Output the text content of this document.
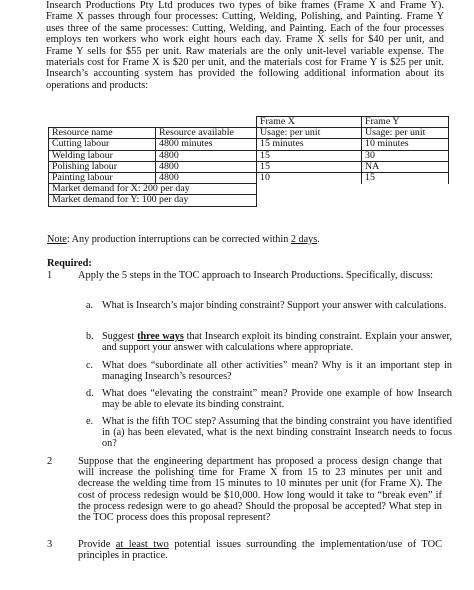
Insearch Productions Pty Ltd produces two types of bike frames (Frame X and Frame Y). Frame X passes through four processes: Cutting, Welding, Polishing, and Painting. Frame Y uses three of the same processes: Cutting, Welding, and Painting. Each of the four processes employs ten workers who work eight hours each day. Frame X sells for $40 per unit, and Frame Y sells for $55 per unit. Raw materials are the only unit-level variable expense. The materials cost for Frame X is $20 per unit, and the materials cost for Frame Y is $25 per unit. Insearch’s accounting system has provided the following additional information about its operations and products:

		Frame X	Frame Y
Resource name	Resource available	Usage: per unit	Usage: per unit
Cutting labour	4800 minutes	15 minutes	10 minutes
Welding labour	4800	15	30
Polishing labour	4800	15	NA
Painting labour	4800	10	15
Market demand for X: 200 per day			
Market demand for Y: 100 per day			
Note: Any production interruptions can be corrected within 2 days.
Required:
1 Apply the 5 steps in the TOC approach to Insearch Productions. Specifically, discuss:

a. What is Insearch’s major binding constraint? Support your answer with calculations.
b. Suggest three ways that Insearch exploit its binding constraint. Explain your answer, and support your answer with calculations where appropriate.
c. What does “subordinate all other activities” mean? Why is it an important step in managing Insearch’s resources?
d. What does “elevating the constraint” mean? Provide one example of how Insearch may be able to elevate its binding constraint.
e. What is the fifth TOC step? Assuming that the binding constraint you have identified in (a) has been elevated, what is the next binding constraint Insearch needs to focus on?
2 Suppose that the engineering department has proposed a process design change that will increase the polishing time for Frame X from 15 to 23 minutes per unit and decrease the welding time from 15 minutes to 10 minutes per unit (for Frame X). The cost of process redesign would be $10,000. How long would it take to “break even” if the process redesign were to go ahead? Should the proposal be accepted? What step in the TOC process does this proposal represent?

3 Provide at least two potential issues surrounding the implementation/use of TOC principles in practice.
